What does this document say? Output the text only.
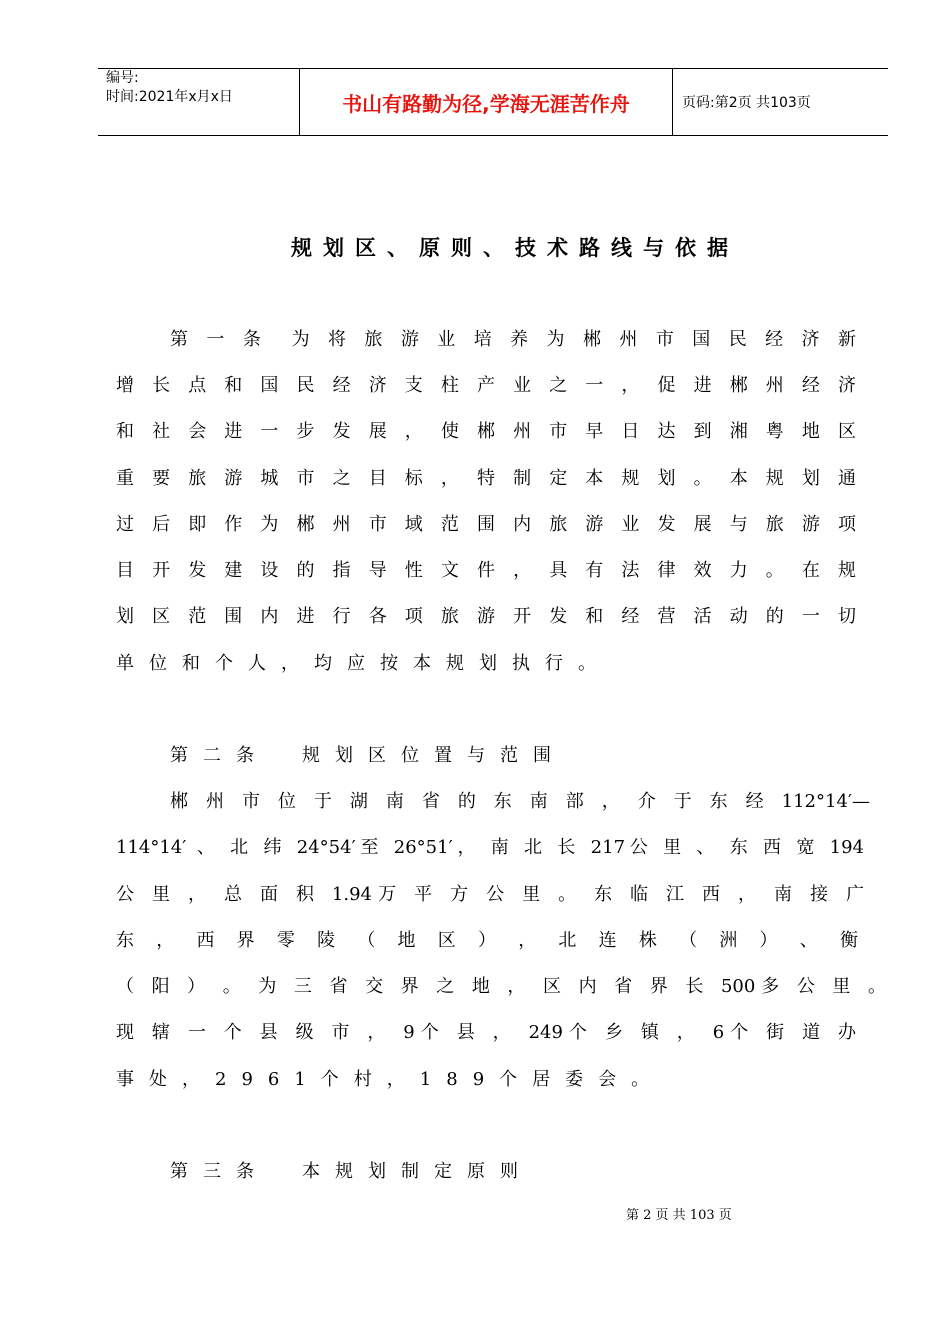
编号:
时间:2021年x月x日	书山有路勤为径,学海无涯苦作舟	页码:第2页 共103页
规划区、原则、技术路线与依据
第 一 条　为 将 旅 游 业 培 养 为 郴 州 市 国 民 经 济 新
增 长 点 和 国 民 经 济 支 柱 产 业 之 一 ， 促 进 郴 州 经 济
和 社 会 进 一 步 发 展 ， 使 郴 州 市 早 日 达 到 湘 粤 地 区
重 要 旅 游 城 市 之 目 标 ， 特 制 定 本 规 划 。 本 规 划 通
过 后 即 作 为 郴 州 市 域 范 围 内 旅 游 业 发 展 与 旅 游 项
目 开 发 建 设 的 指 导 性 文 件 ， 具 有 法 律 效 力 。 在 规
划 区 范 围 内 进 行 各 项 旅 游 开 发 和 经 营 活 动 的 一 切
单位和个人，均应按本规划执行。
第二条　规划区位置与范围
郴 州 市 位 于 湖 南 省 的 东 南 部 ， 介 于 东 经 112°14′—
114°14′ 、 北 纬 24°54′至 26°51′， 南 北 长 217公 里 、 东 西 宽 194
公 里 ， 总 面 积 1.94万 平 方 公 里 。 东 临 江 西 ， 南 接 广
东 ， 西 界 零 陵 （ 地 区 ） ， 北 连 株 （ 洲 ） 、 衡
（ 阳 ） 。 为 三 省 交 界 之 地 ， 区 内 省 界 长 500多 公 里 。
现 辖 一 个 县 级 市 ， 9个 县 ， 249个 乡 镇 ， 6个 街 道 办
事处，2961个村，189个居委会。
第三条　本规划制定原则
第 2 页 共 103 页
